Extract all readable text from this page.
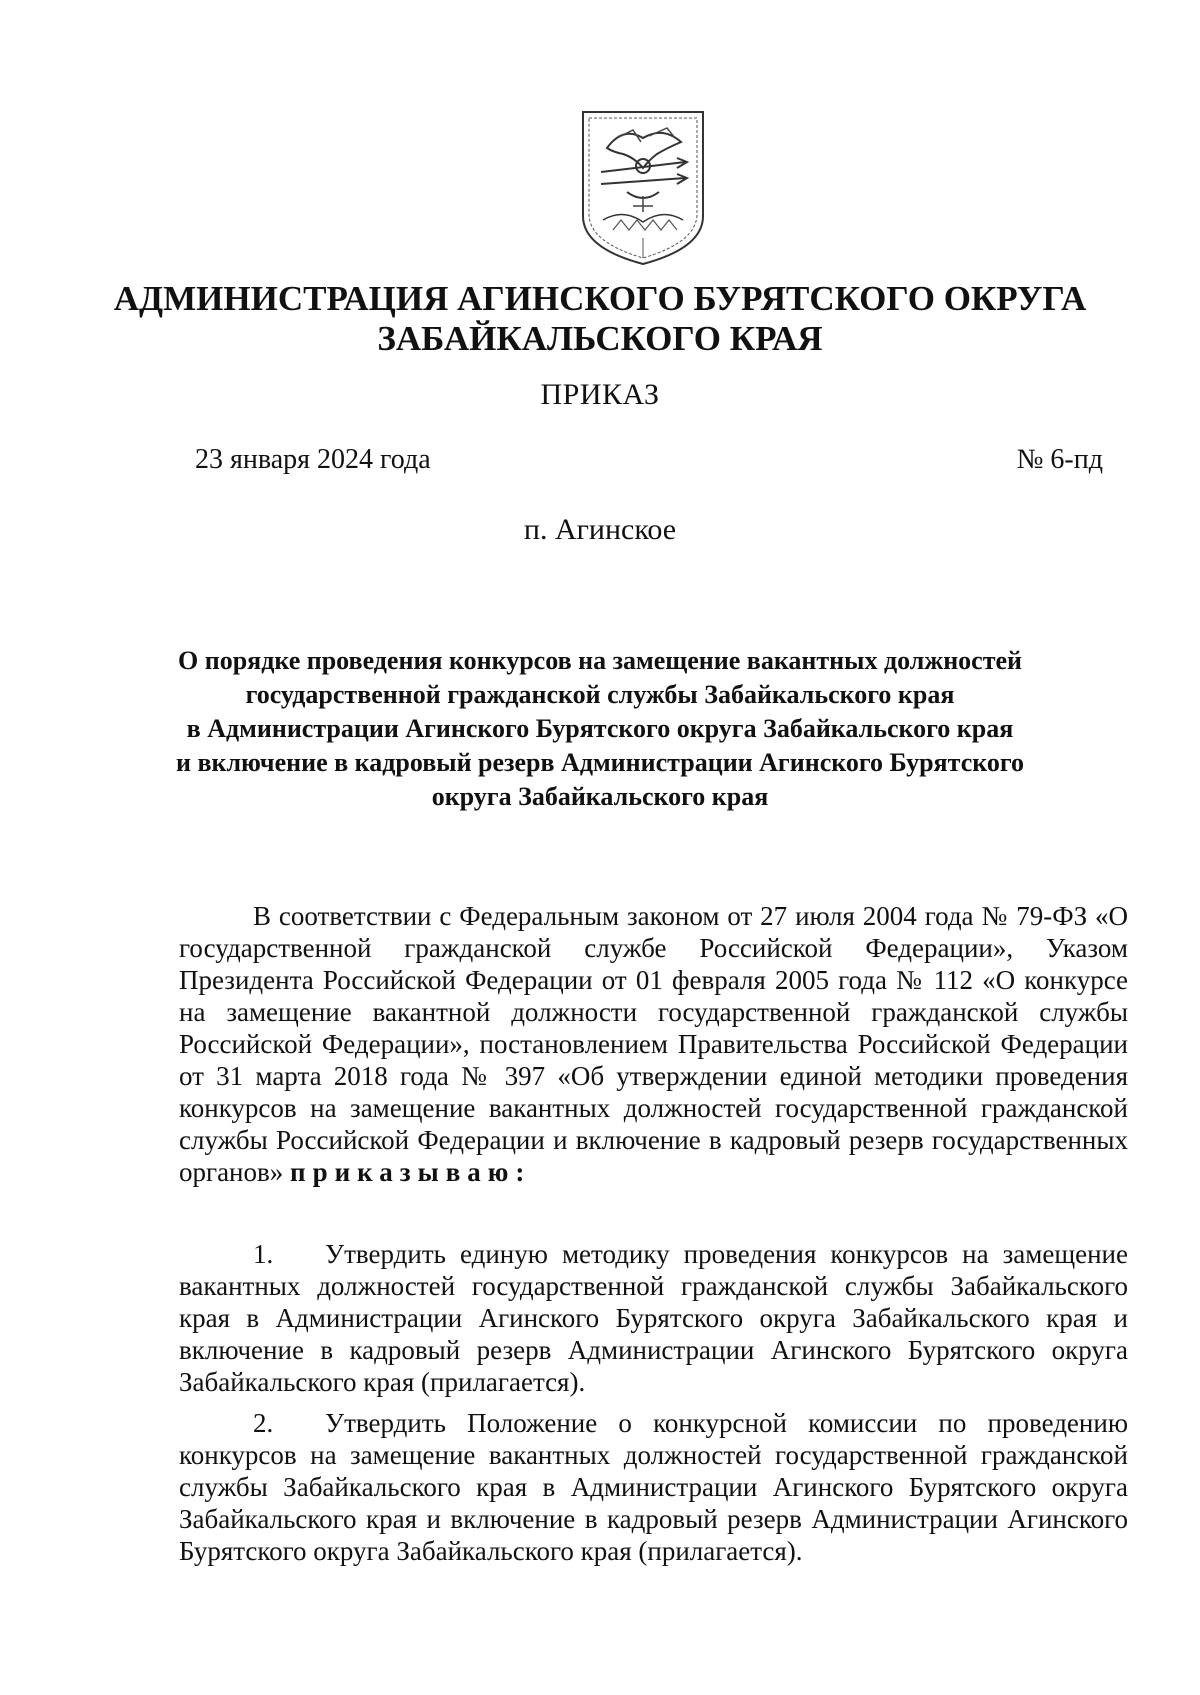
АДМИНИСТРАЦИЯ АГИНСКОГО БУРЯТСКОГО ОКРУГА
ЗАБАЙКАЛЬСКОГО КРАЯ
ПРИКАЗ
23 января 2024 года	№ 6-пд
п. Агинское
О порядке проведения конкурсов на замещение вакантных должностей
государственной гражданской службы Забайкальского края
в Администрации Агинского Бурятского округа Забайкальского края
и включение в кадровый резерв Администрации Агинского Бурятского
округа Забайкальского края

В соответствии с Федеральным законом от 27 июля 2004 года № 79-ФЗ «О государственной гражданской службе Российской Федерации», Указом Президента Российской Федерации от 01 февраля 2005 года № 112 «О конкурсе на замещение вакантной должности государственной гражданской службы Российской Федерации», постановлением Правительства Российской Федерации от 31 марта 2018 года № 397 «Об утверждении единой методики проведения конкурсов на замещение вакантных должностей государственной гражданской службы Российской Федерации и включение в кадровый резерв государственных органов» приказываю:

1. Утвердить единую методику проведения конкурсов на замещение вакантных должностей государственной гражданской службы Забайкальского края в Администрации Агинского Бурятского округа Забайкальского края и включение в кадровый резерв Администрации Агинского Бурятского округа Забайкальского края (прилагается).

2. Утвердить Положение о конкурсной комиссии по проведению конкурсов на замещение вакантных должностей государственной гражданской службы Забайкальского края в Администрации Агинского Бурятского округа Забайкальского края и включение в кадровый резерв Администрации Агинского Бурятского округа Забайкальского края (прилагается).
